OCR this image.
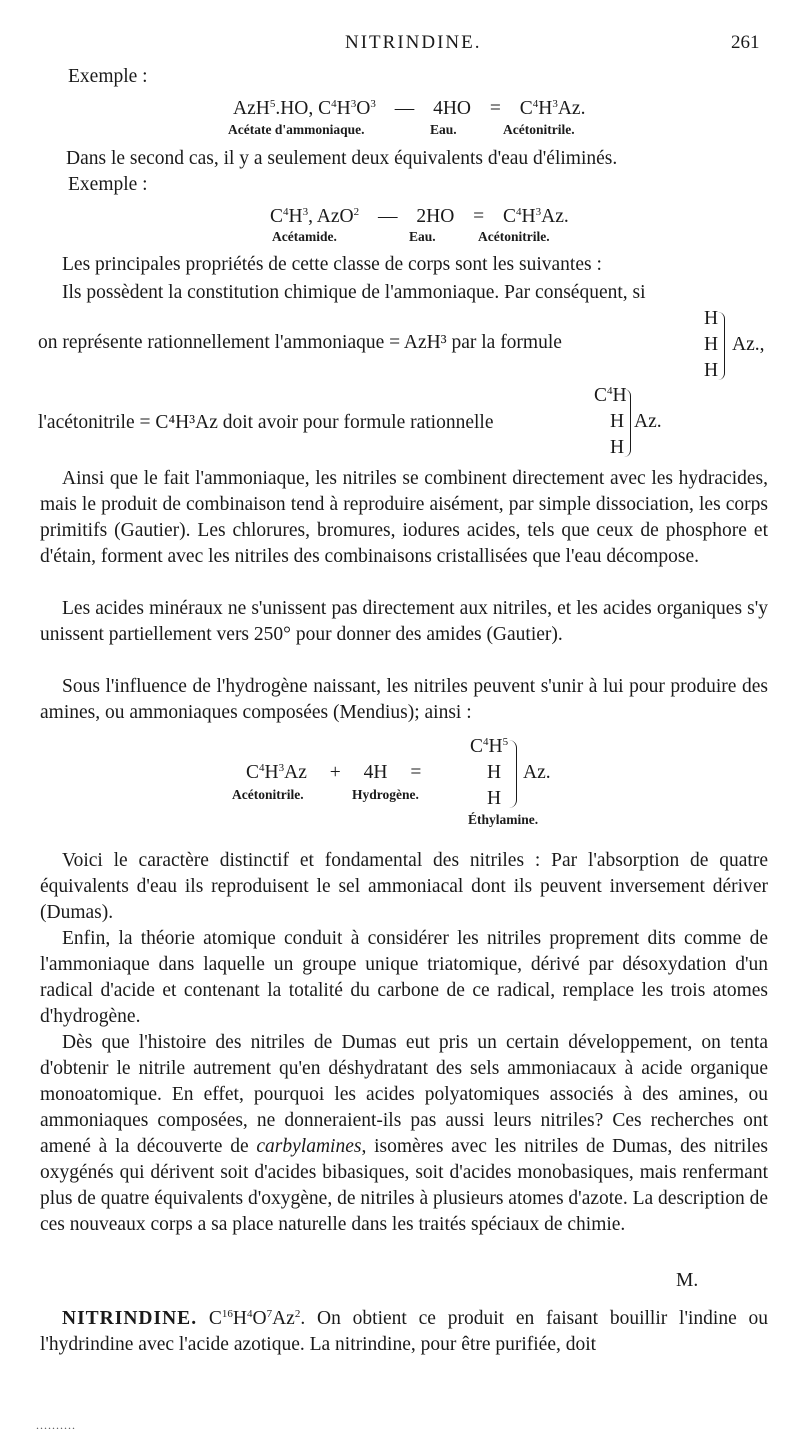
NITRINDINE.	261
Exemple :
AzH$^5$.HO, $C^4H^3O^3$ — $4HO = C^4H^3Az$.
Acétate d'ammoniaque.	Eau.	Acétonitrile.
Dans le second cas, il y a seulement deux équivalents d'eau d'éliminés.
Exemple :
$C^4H^3$, AzO$^2$ — $2HO = C^4H^3Az$.
Acétamide.	Eau.	Acétonitrile.
Les principales propriétés de cette classe de corps sont les suivantes :
Ils possèdent la constitution chimique de l'ammoniaque. Par conséquent, si
on représente rationnellement l'ammoniaque = AzH³ par la formule
H
H
H
Az.,
l'acétonitrile = C⁴H³Az doit avoir pour formule rationnelle
$C^4H$
H
H
Az.

Ainsi que le fait l'ammoniaque, les nitriles se combinent directement avec les hydracides, mais le produit de combinaison tend à reproduire aisément, par simple dissociation, les corps primitifs (Gautier). Les chlorures, bromures, iodures acides, tels que ceux de phosphore et d'étain, forment avec les nitriles des combinaisons cristallisées que l'eau décompose.

Les acides minéraux ne s'unissent pas directement aux nitriles, et les acides organiques s'y unissent partiellement vers 250° pour donner des amides (Gautier).

Sous l'influence de l'hydrogène naissant, les nitriles peuvent s'unir à lui pour produire des amines, ou ammoniaques composées (Mendius); ainsi :

$C^4H^5$
$C^4H^3Az + 4H$ =	H
H
Az.
Acétonitrile.	Hydrogène.
Éthylamine.

Voici le caractère distinctif et fondamental des nitriles : Par l'absorption de quatre équivalents d'eau ils reproduisent le sel ammoniacal dont ils peuvent inversement dériver (Dumas).

Enfin, la théorie atomique conduit à considérer les nitriles proprement dits comme de l'ammoniaque dans laquelle un groupe unique triatomique, dérivé par désoxydation d'un radical d'acide et contenant la totalité du carbone de ce radical, remplace les trois atomes d'hydrogène.

Dès que l'histoire des nitriles de Dumas eut pris un certain développement, on tenta d'obtenir le nitrile autrement qu'en déshydratant des sels ammoniacaux à acide organique monoatomique. En effet, pourquoi les acides polyatomiques associés à des amines, ou ammoniaques composées, ne donneraient-ils pas aussi leurs nitriles? Ces recherches ont amené à la découverte de carbylamines, isomères avec les nitriles de Dumas, des nitriles oxygénés qui dérivent soit d'acides bibasiques, soit d'acides monobasiques, mais renfermant plus de quatre équivalents d'oxygène, de nitriles à plusieurs atomes d'azote. La description de ces nouveaux corps a sa place naturelle dans les traités spéciaux de chimie.

M.

NITRINDINE. $C^{16}H^4O^7Az^2$. On obtient ce produit en faisant bouillir l'indine ou l'hydrindine avec l'acide azotique. La nitrindine, pour être purifiée, doit

..........
